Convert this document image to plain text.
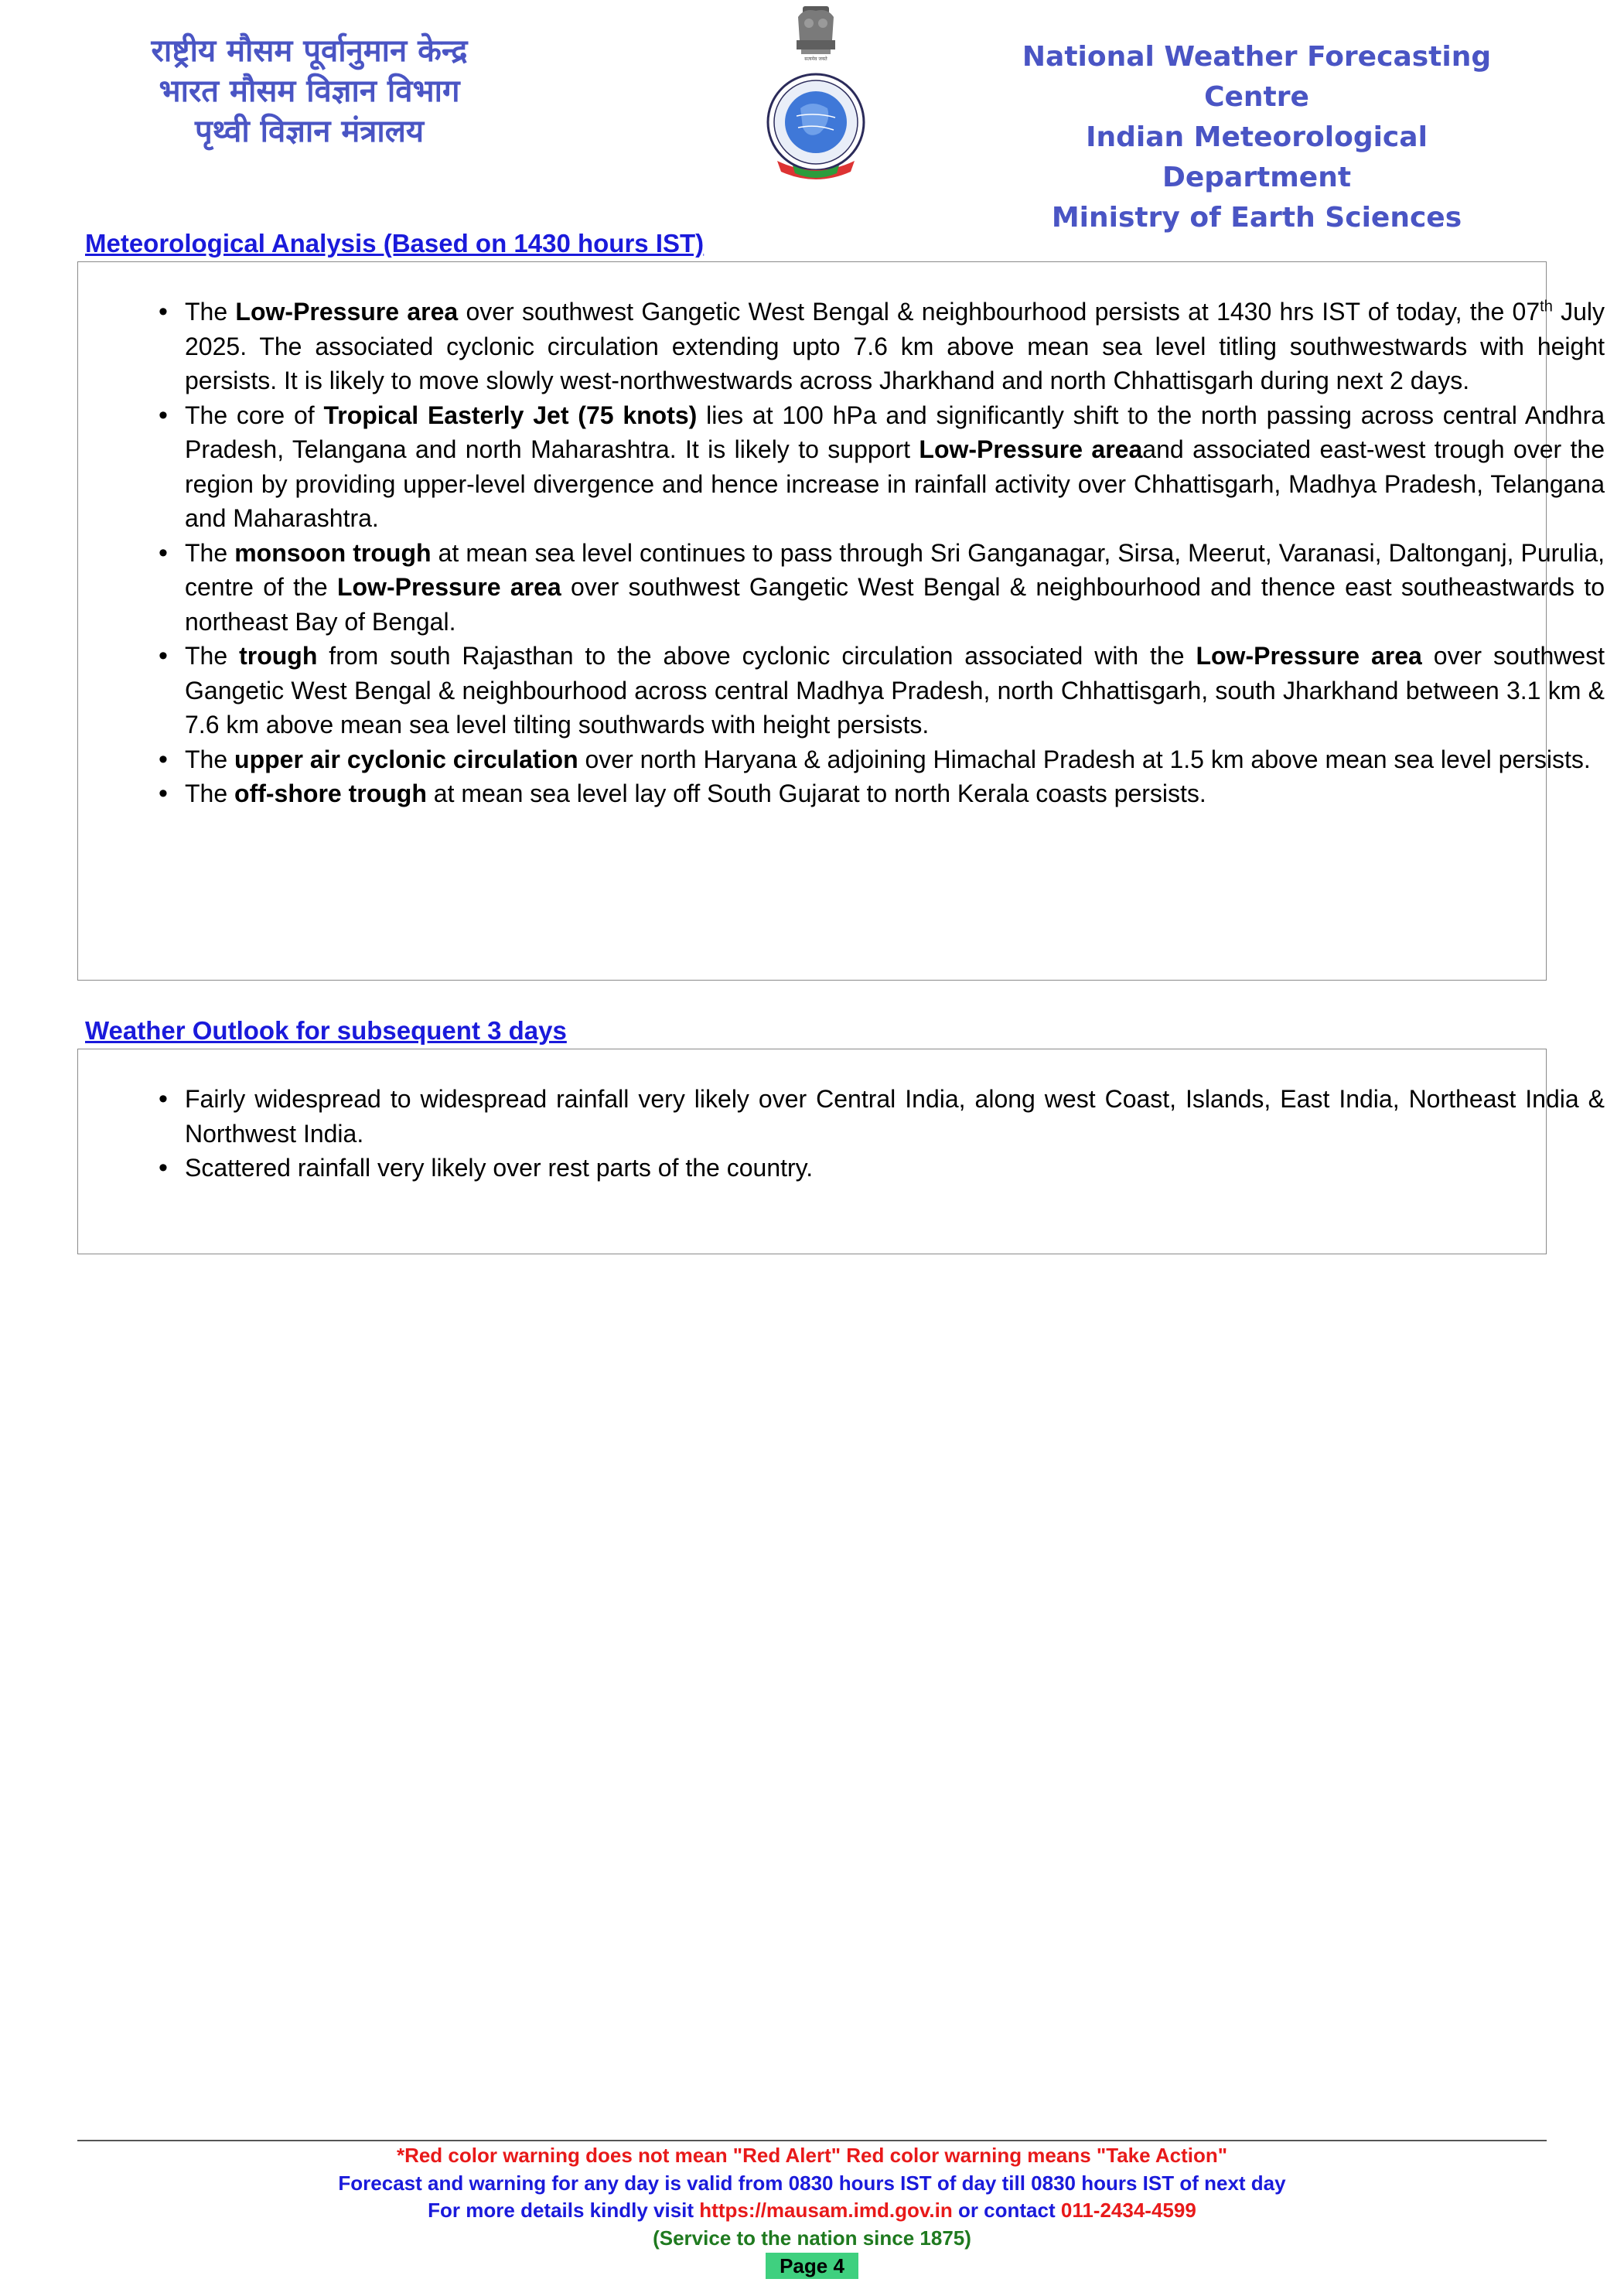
राष्ट्रीय मौसम पूर्वानुमान केन्द्र
भारत मौसम विज्ञान विभाग
पृथ्वी विज्ञान मंत्रालय
सत्यमेव जयते	National Weather Forecasting Centre
Indian Meteorological Department
Ministry of Earth Sciences
Meteorological Analysis (Based on 1430 hours IST)
• The Low-Pressure area over southwest Gangetic West Bengal & neighbourhood persists at 1430 hrs IST of today, the 07th July 2025. The associated cyclonic circulation extending upto 7.6 km above mean sea level titling southwestwards with height persists. It is likely to move slowly west-northwestwards across Jharkhand and north Chhattisgarh during next 2 days.
• The core of Tropical Easterly Jet (75 knots) lies at 100 hPa and significantly shift to the north passing across central Andhra Pradesh, Telangana and north Maharashtra. It is likely to support Low-Pressure areaand associated east-west trough over the region by providing upper-level divergence and hence increase in rainfall activity over Chhattisgarh, Madhya Pradesh, Telangana and Maharashtra.
• The monsoon trough at mean sea level continues to pass through Sri Ganganagar, Sirsa, Meerut, Varanasi, Daltonganj, Purulia, centre of the Low-Pressure area over southwest Gangetic West Bengal & neighbourhood and thence east southeastwards to northeast Bay of Bengal.
• The trough from south Rajasthan to the above cyclonic circulation associated with the Low-Pressure area over southwest Gangetic West Bengal & neighbourhood across central Madhya Pradesh, north Chhattisgarh, south Jharkhand between 3.1 km & 7.6 km above mean sea level tilting southwards with height persists.
• The upper air cyclonic circulation over north Haryana & adjoining Himachal Pradesh at 1.5 km above mean sea level persists.
• The off-shore trough at mean sea level lay off South Gujarat to north Kerala coasts persists.
Weather Outlook for subsequent 3 days
• Fairly widespread to widespread rainfall very likely over Central India, along west Coast, Islands, East India, Northeast India & Northwest India.
• Scattered rainfall very likely over rest parts of the country.
*Red color warning does not mean "Red Alert" Red color warning means "Take Action"
Forecast and warning for any day is valid from 0830 hours IST of day till 0830 hours IST of next day
For more details kindly visit https://mausam.imd.gov.in or contact 011-2434-4599
(Service to the nation since 1875)
Page 4
